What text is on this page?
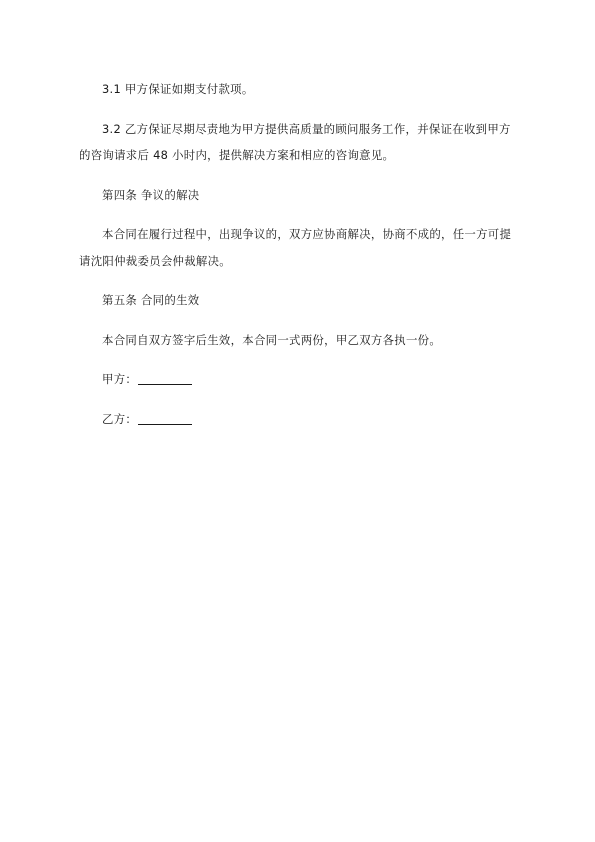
3.1 甲方保证如期支付款项。

3.2 乙方保证尽期尽责地为甲方提供高质量的顾问服务工作，并保证在收到甲方的咨询请求后 48 小时内，提供解决方案和相应的咨询意见。

第四条 争议的解决

本合同在履行过程中，出现争议的，双方应协商解决，协商不成的，任一方可提请沈阳仲裁委员会仲裁解决。

第五条 合同的生效

本合同自双方签字后生效，本合同一式两份，甲乙双方各执一份。

甲方：

乙方：
